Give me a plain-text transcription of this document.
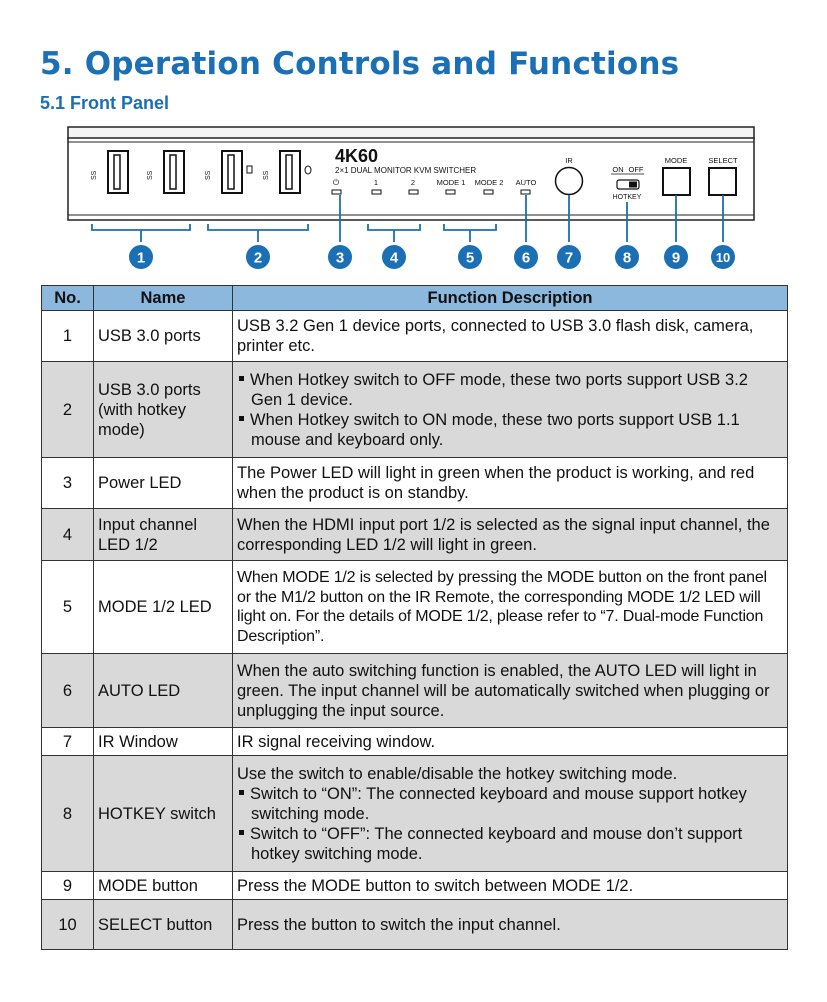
5. Operation Controls and Functions
5.1 Front Panel
SS	SS	SS	SS
4K60
2×1 DUAL MONITOR KVM SWITCHER
⏻	1	2	MODE 1 MODE 2 AUTO
IR
ON OFF
HOTKEY
MODE	SELECT
1	2	3	4	5	6 7	8	9	10
No.	Name	Function Description
1	USB 3.0 ports	USB 3.2 Gen 1 device ports, connected to USB 3.0 flash disk, camera, printer etc.
2	USB 3.0 ports (with hotkey mode)	When Hotkey switch to OFF mode, these two ports support USB 3.2 Gen 1 device.
When Hotkey switch to ON mode, these two ports support USB 1.1 mouse and keyboard only.

3	Power LED	The Power LED will light in green when the product is working, and red when the product is on standby.
4	Input channel LED 1/2	When the HDMI input port 1/2 is selected as the signal input channel, the corresponding LED 1/2 will light in green.
5	MODE 1/2 LED	When MODE 1/2 is selected by pressing the MODE button on the front panel or the M1/2 button on the IR Remote, the corresponding MODE 1/2 LED will light on. For the details of MODE 1/2, please refer to “7. Dual-mode Function Description”.
6	AUTO LED	When the auto switching function is enabled, the AUTO LED will light in green. The input channel will be automatically switched when plugging or unplugging the input source.
7	IR Window	IR signal receiving window.
8	HOTKEY switch	Use the switch to enable/disable the hotkey switching mode.
Switch to “ON”: The connected keyboard and mouse support hotkey switching mode.
Switch to “OFF”: The connected keyboard and mouse don’t support hotkey switching mode.

9	MODE button	Press the MODE button to switch between MODE 1/2.
10	SELECT button	Press the button to switch the input channel.
